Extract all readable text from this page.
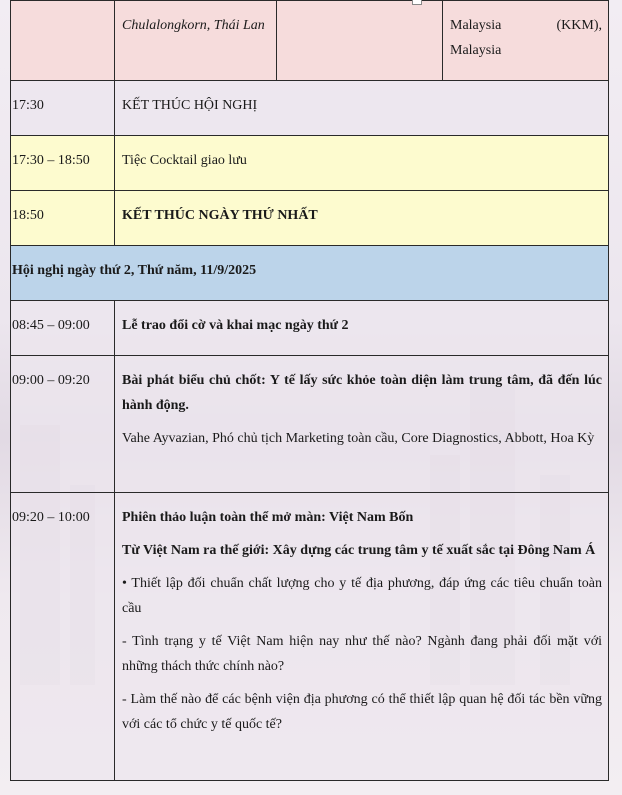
	Chulalongkorn, Thái Lan		Malaysia (KKM), Malaysia

17:30	KẾT THÚC HỘI NGHỊ		

17:30 – 18:50	Tiệc Cocktail giao lưu		

18:50	KẾT THÚC NGÀY THỨ NHẤT		

Hội nghị ngày thứ 2, Thứ năm, 11/9/2025			

08:45 – 09:00	Lễ trao đổi cờ và khai mạc ngày thứ 2		

09:00 – 09:20	Bài phát biểu chủ chốt: Y tế lấy sức khỏe toàn diện làm trung tâm, đã đến lúc hành động.

Vahe Ayvazian, Phó chủ tịch Marketing toàn cầu, Core Diagnostics, Abbott, Hoa Kỳ		

09:20 – 10:00	Phiên thảo luận toàn thể mở màn: Việt Nam Bốn

Từ Việt Nam ra thế giới: Xây dựng các trung tâm y tế xuất sắc tại Đông Nam Á

• Thiết lập đối chuẩn chất lượng cho y tế địa phương, đáp ứng các tiêu chuẩn toàn cầu

- Tình trạng y tế Việt Nam hiện nay như thế nào? Ngành đang phải đối mặt với những thách thức chính nào?

- Làm thế nào để các bệnh viện địa phương có thể thiết lập quan hệ đối tác bền vững với các tổ chức y tế quốc tế?		
